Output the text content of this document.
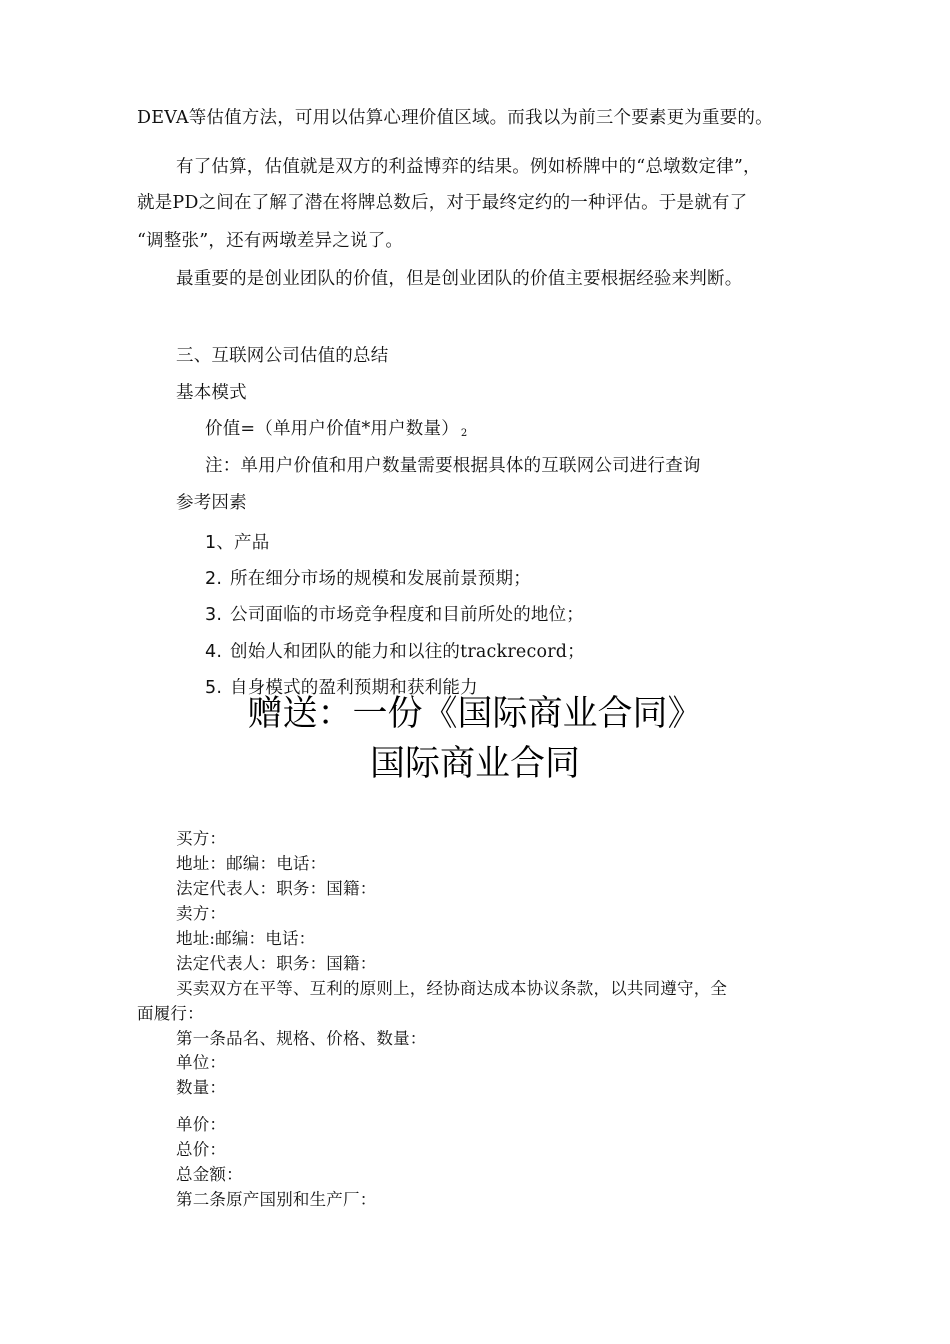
DEVA等估值方法，可用以估算心理价值区域。而我以为前三个要素更为重要的。
有了估算，估值就是双方的利益博弈的结果。例如桥牌中的“总墩数定律”，
就是PD之间在了解了潜在将牌总数后，对于最终定约的一种评估。于是就有了
“调整张”，还有两墩差异之说了。
最重要的是创业团队的价值，但是创业团队的价值主要根据经验来判断。
三、互联网公司估值的总结
基本模式
价值=（单用户价值*用户数量） 2
注：单用户价值和用户数量需要根据具体的互联网公司进行查询
参考因素
1、产品
2. 所在细分市场的规模和发展前景预期；
3. 公司面临的市场竞争程度和目前所处的地位；
4. 创始人和团队的能力和以往的trackrecord；
5. 自身模式的盈利预期和获利能力
赠送：一份《国际商业合同》
国际商业合同
买方：
地址：邮编：电话：
法定代表人：职务：国籍：
卖方：
地址:邮编：电话：
法定代表人：职务：国籍：
买卖双方在平等、互利的原则上，经协商达成本协议条款，以共同遵守，全
面履行：
第一条品名、规格、价格、数量：
单位：
数量：
单价：
总价：
总金额：
第二条原产国别和生产厂：
